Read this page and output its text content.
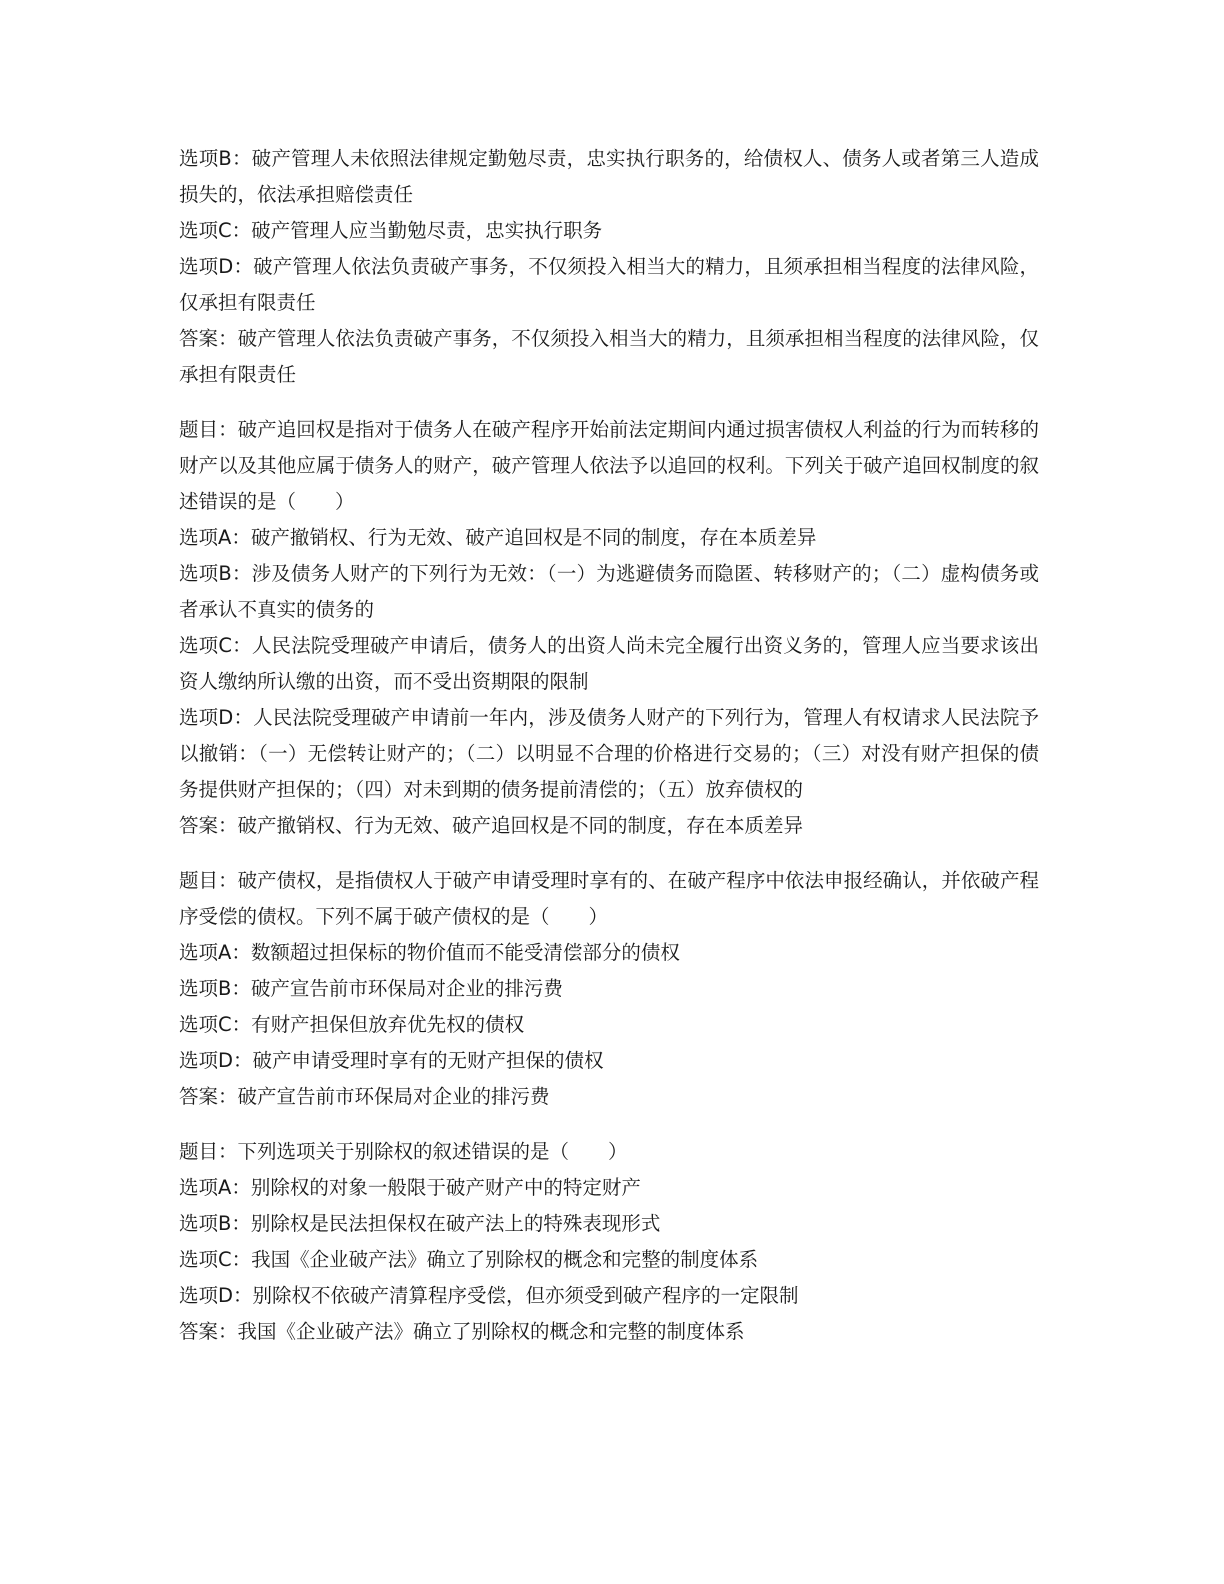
选项B：破产管理人未依照法律规定勤勉尽责，忠实执行职务的，给债权人、债务人或者第三人造成损失的，依法承担赔偿责任

选项C：破产管理人应当勤勉尽责，忠实执行职务

选项D：破产管理人依法负责破产事务，不仅须投入相当大的精力，且须承担相当程度的法律风险，仅承担有限责任

答案：破产管理人依法负责破产事务，不仅须投入相当大的精力，且须承担相当程度的法律风险，仅承担有限责任

题目：破产追回权是指对于债务人在破产程序开始前法定期间内通过损害债权人利益的行为而转移的财产以及其他应属于债务人的财产，破产管理人依法予以追回的权利。下列关于破产追回权制度的叙述错误的是（　　）

选项A：破产撤销权、行为无效、破产追回权是不同的制度，存在本质差异

选项B：涉及债务人财产的下列行为无效：（一）为逃避债务而隐匿、转移财产的；（二）虚构债务或者承认不真实的债务的

选项C：人民法院受理破产申请后，债务人的出资人尚未完全履行出资义务的，管理人应当要求该出资人缴纳所认缴的出资，而不受出资期限的限制

选项D：人民法院受理破产申请前一年内，涉及债务人财产的下列行为，管理人有权请求人民法院予以撤销：（一）无偿转让财产的；（二）以明显不合理的价格进行交易的；（三）对没有财产担保的债务提供财产担保的；（四）对未到期的债务提前清偿的；（五）放弃债权的

答案：破产撤销权、行为无效、破产追回权是不同的制度，存在本质差异

题目：破产债权，是指债权人于破产申请受理时享有的、在破产程序中依法申报经确认，并依破产程序受偿的债权。下列不属于破产债权的是（　　）

选项A：数额超过担保标的物价值而不能受清偿部分的债权

选项B：破产宣告前市环保局对企业的排污费

选项C：有财产担保但放弃优先权的债权

选项D：破产申请受理时享有的无财产担保的债权

答案：破产宣告前市环保局对企业的排污费

题目：下列选项关于别除权的叙述错误的是（　　）

选项A：别除权的对象一般限于破产财产中的特定财产

选项B：别除权是民法担保权在破产法上的特殊表现形式

选项C：我国《企业破产法》确立了别除权的概念和完整的制度体系

选项D：别除权不依破产清算程序受偿，但亦须受到破产程序的一定限制

答案：我国《企业破产法》确立了别除权的概念和完整的制度体系
